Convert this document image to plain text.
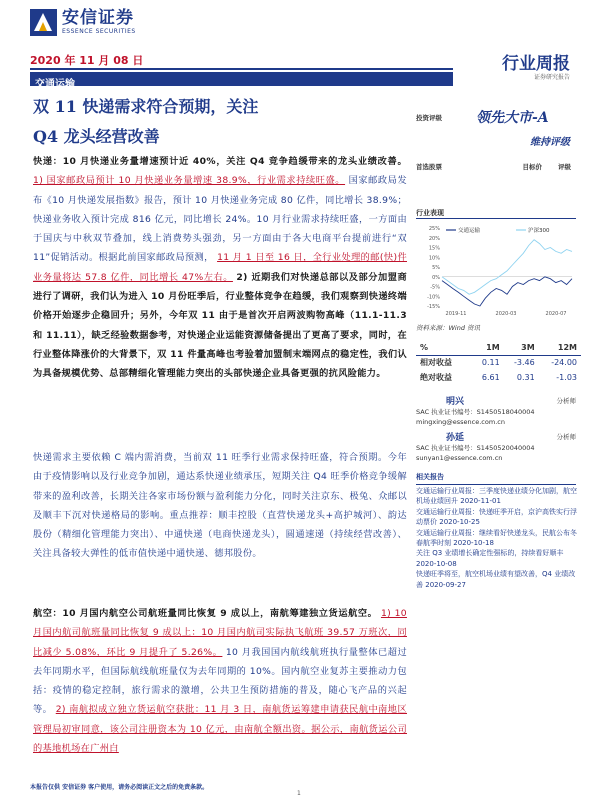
安信证券
ESSENCE SECURITIES
2020 年 11 月 08 日
交通运输
行业周报
证券研究报告
双 11 快递需求符合预期，关注 Q4 龙头经营改善
投资评级 领先大市-A
维持评级
首选股票	目标价 评级
快递：10 月快递业务量增速预计近 40%，关注 Q4 竞争趋缓带来的龙头业绩改善。 1) 国家邮政局预计 10 月快递业务量增速 38.9%，行业需求持续旺盛。 国家邮政局发布《10 月快递发展指数》报告，预计 10 月快递业务完成 80 亿件，同比增长 38.9%；快递业务收入预计完成 816 亿元，同比增长 24%。10 月行业需求持续旺盛，一方面由于国庆与中秋双节叠加，线上消费势头强劲，另一方面由于各大电商平台提前进行“双 11”促销活动。根据此前国家邮政局预测， 11 月 1 日至 16 日，全行业处理的邮(快)件业务量将达 57.8 亿件，同比增长 47%左右。 2) 近期我们对快递总部以及部分加盟商进行了调研，我们认为进入 10 月份旺季后，行业整体竞争在趋缓，我们观察到快递终端价格开始逐步企稳回升；另外，今年双 11 由于是首次开启两波购物高峰（11.1-11.3 和 11.11），缺乏经验数据参考，对快递企业运能资源储备提出了更高了要求，同时，在行业整体降涨价的大背景下，双 11 件量高峰也考验着加盟制末端网点的稳定性，我们认为具备规模优势、总部精细化管理能力突出的头部快递企业具备更强的抗风险能力。
快递需求主要依赖 C 端内需消费，当前双 11 旺季行业需求保持旺盛，符合预期。今年由于疫情影响以及行业竞争加剧，通达系快递业绩承压，短期关注 Q4 旺季价格竞争缓解带来的盈利改善，长期关注各家市场份额与盈利能力分化，同时关注京东、极兔、众邮以及顺丰下沉对快递格局的影响。重点推荐：顺丰控股（直营快递龙头+高护城河）、韵达股份（精细化管理能力突出）、中通快递（电商快递龙头），圆通速递（持续经营改善）、关注具备较大弹性的低市值快递中通快递、德邦股份。
航空：10 月国内航空公司航班量同比恢复 9 成以上，南航筹建独立货运航空。 1) 10 月国内航司航班量同比恢复 9 成以上：10 月国内航司实际执飞航班 39.57 万班次，同比减少 5.08%，环比 9 月提升了 5.26%。 10 月我国国内航线航班执行量整体已超过去年同期水平，但国际航线航班量仅为去年同期的 10%。国内航空业复苏主要推动力包括：疫情的稳定控制，旅行需求的激增，公共卫生预防措施的普及，随心飞产品的兴起等。 2) 南航拟成立独立货运航空获批：11 月 3 日，南航货运筹建申请获民航中南地区管理局初审同意，该公司注册资本为 10 亿元，由南航全额出资。据公示，南航货运公司的基地机场在广州白
行业表现
25%
20%
15%
10%
5%
0%
-5%
-10%
-15%
2019-11	2020-03	2020-07
交通运输	沪深300
资料来源：Wind 资讯
%	1M	3M	12M
相对收益	0.11	-3.46	-24.00
绝对收益	6.61	0.31	-1.03
明兴	分析师
SAC 执业证书编号：S1450518040004
mingxing@essence.com.cn
孙延	分析师
SAC 执业证书编号：S1450520040004
sunyan1@essence.com.cn
相关报告
交通运输行业周报：三季度快递业绩分化加剧，航空机场业绩回升 2020-11-01
交通运输行业周报：快递旺季开启，京沪高铁实行浮动票价 2020-10-25
交通运输行业周报：继续看好快递龙头，民航公布冬春航季时刻 2020-10-18
关注 Q3 业绩增长确定性强标的，持续看好顺丰 2020-10-08
快递旺季将至，航空机场业绩有望改善，Q4 业绩改善 2020-09-27
本报告仅供 安信证券 客户使用，请务必阅读正文之后的免责条款。
1
